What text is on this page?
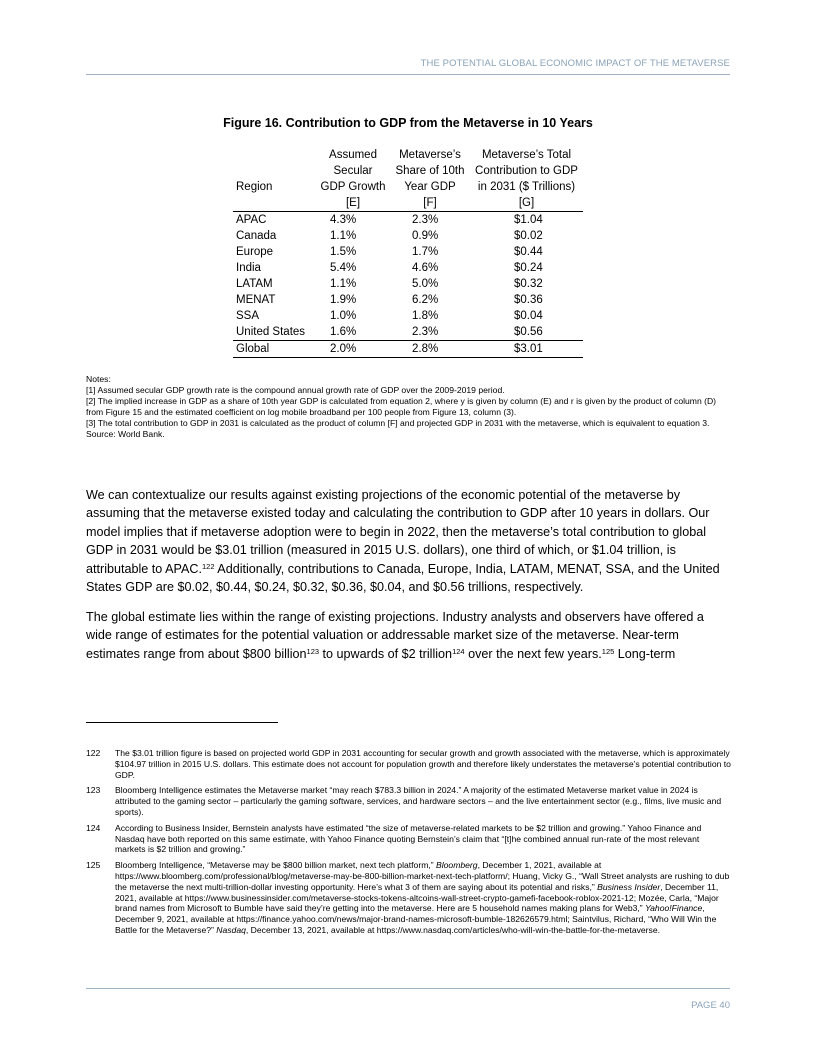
THE POTENTIAL GLOBAL ECONOMIC IMPACT OF THE METAVERSE
Figure 16. Contribution to GDP from the Metaverse in 10 Years
	Assumed	Metaverse’s	Metaverse’s Total
	Secular	Share of 10th	Contribution to GDP
Region	GDP Growth	Year GDP	in 2031 ($ Trillions)
	[E]	[F]	[G]
APAC	4.3%	2.3%	$1.04
Canada	1.1%	0.9%	$0.02
Europe	1.5%	1.7%	$0.44
India	5.4%	4.6%	$0.24
LATAM	1.1%	5.0%	$0.32
MENAT	1.9%	6.2%	$0.36
SSA	1.0%	1.8%	$0.04
United States	1.6%	2.3%	$0.56
Global	2.0%	2.8%	$3.01
Notes:
[1] Assumed secular GDP growth rate is the compound annual growth rate of GDP over the 2009-2019 period.
[2] The implied increase in GDP as a share of 10th year GDP is calculated from equation 2, where y is given by column (E) and r is given by the product of column (D) from Figure 15 and the estimated coefficient on log mobile broadband per 100 people from Figure 13, column (3).
[3] The total contribution to GDP in 2031 is calculated as the product of column [F] and projected GDP in 2031 with the metaverse, which is equivalent to equation 3.
Source: World Bank.
We can contextualize our results against existing projections of the economic potential of the metaverse by assuming that the metaverse existed today and calculating the contribution to GDP after 10 years in dollars. Our model implies that if metaverse adoption were to begin in 2022, then the metaverse’s total contribution to global GDP in 2031 would be $3.01 trillion (measured in 2015 U.S. dollars), one third of which, or $1.04 trillion, is attributable to APAC.$^{122}$ Additionally, contributions to Canada, Europe, India, LATAM, MENAT, SSA, and the United States GDP are $0.02, $0.44, $0.24, $0.32, $0.36, $0.04, and $0.56 trillions, respectively.
The global estimate lies within the range of existing projections. Industry analysts and observers have offered a wide range of estimates for the potential valuation or addressable market size of the metaverse. Near-term estimates range from about $800 billion$^{123}$ to upwards of $2 trillion$^{124}$ over the next few years.$^{125}$ Long-term
122	The $3.01 trillion figure is based on projected world GDP in 2031 accounting for secular growth and growth associated with the metaverse, which is approximately $104.97 trillion in 2015 U.S. dollars. This estimate does not account for population growth and therefore likely understates the metaverse’s potential contribution to GDP.
123	Bloomberg Intelligence estimates the Metaverse market “may reach $783.3 billion in 2024.” A majority of the estimated Metaverse market value in 2024 is attributed to the gaming sector – particularly the gaming software, services, and hardware sectors – and the live entertainment sector (e.g., films, live music and sports).
124	According to Business Insider, Bernstein analysts have estimated “the size of metaverse-related markets to be $2 trillion and growing.” Yahoo Finance and Nasdaq have both reported on this same estimate, with Yahoo Finance quoting Bernstein’s claim that “[t]he combined annual run-rate of the most relevant markets is $2 trillion and growing.”
125	Bloomberg Intelligence, “Metaverse may be $800 billion market, next tech platform,” Bloomberg, December 1, 2021, available at https://www.bloomberg.com/professional/blog/metaverse-may-be-800-billion-market-next-tech-platform/; Huang, Vicky G., “Wall Street analysts are rushing to dub the metaverse the next multi-trillion-dollar investing opportunity. Here’s what 3 of them are saying about its potential and risks,” Business Insider, December 11, 2021, available at https://www.businessinsider.com/metaverse-stocks-tokens-altcoins-wall-street-crypto-gamefi-facebook-roblox-2021-12; Mozée, Carla, “Major brand names from Microsoft to Bumble have said they’re getting into the metaverse. Here are 5 household names making plans for Web3,” Yahoo!Finance, December 9, 2021, available at https://finance.yahoo.com/news/major-brand-names-microsoft-bumble-182626579.html; Saintvilus, Richard, “Who Will Win the Battle for the Metaverse?” Nasdaq, December 13, 2021, available at https://www.nasdaq.com/articles/who-will-win-the-battle-for-the-metaverse.
PAGE 40
